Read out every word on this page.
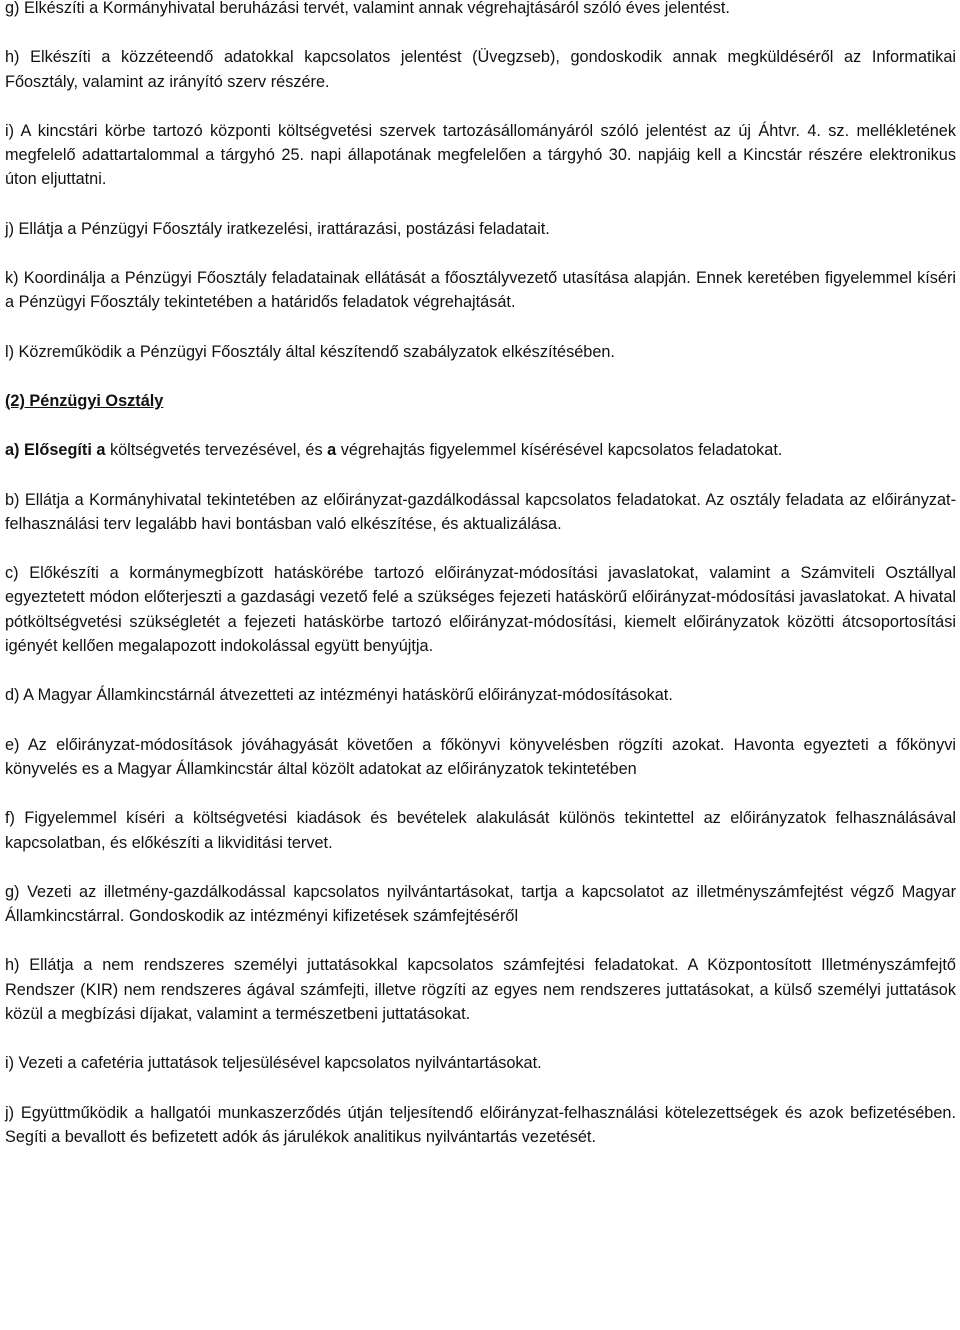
g) Elkészíti a Kormányhivatal beruházási tervét, valamint annak végrehajtásáról szóló éves jelentést.

h) Elkészíti a közzéteendő adatokkal kapcsolatos jelentést (Üvegzseb), gondoskodik annak megküldéséről az Informatikai Főosztály, valamint az irányító szerv részére.

i) A kincstári körbe tartozó központi költségvetési szervek tartozásállományáról szóló jelentést az új Áhtvr. 4. sz. mellékletének megfelelő adattartalommal a tárgyhó 25. napi állapotának megfelelően a tárgyhó 30. napjáig kell a Kincstár részére elektronikus úton eljuttatni.

j) Ellátja a Pénzügyi Főosztály iratkezelési, irattárazási, postázási feladatait.

k) Koordinálja a Pénzügyi Főosztály feladatainak ellátását a főosztályvezető utasítása alapján. Ennek keretében figyelemmel kíséri a Pénzügyi Főosztály tekintetében a határidős feladatok végrehajtását.

l) Közreműködik a Pénzügyi Főosztály által készítendő szabályzatok elkészítésében.

(2) Pénzügyi Osztály

a) Elősegíti a költségvetés tervezésével, és a végrehajtás figyelemmel kísérésével kapcsolatos feladatokat.

b) Ellátja a Kormányhivatal tekintetében az előirányzat-gazdálkodással kapcsolatos feladatokat. Az osztály feladata az előirányzat-felhasználási terv legalább havi bontásban való elkészítése, és aktualizálása.

c) Előkészíti a kormánymegbízott hatáskörébe tartozó előirányzat-módosítási javaslatokat, valamint a Számviteli Osztállyal egyeztetett módon előterjeszti a gazdasági vezető felé a szükséges fejezeti hatáskörű előirányzat-módosítási javaslatokat. A hivatal pótköltségvetési szükségletét a fejezeti hatáskörbe tartozó előirányzat-módosítási, kiemelt előirányzatok közötti átcsoportosítási igényét kellően megalapozott indokolással együtt benyújtja.

d) A Magyar Államkincstárnál átvezetteti az intézményi hatáskörű előirányzat-módosításokat.

e) Az előirányzat-módosítások jóváhagyását követően a főkönyvi könyvelésben rögzíti azokat. Havonta egyezteti a főkönyvi könyvelés es a Magyar Államkincstár által közölt adatokat az előirányzatok tekintetében

f) Figyelemmel kíséri a költségvetési kiadások és bevételek alakulását különös tekintettel az előirányzatok felhasználásával kapcsolatban, és előkészíti a likviditási tervet.

g) Vezeti az illetmény-gazdálkodással kapcsolatos nyilvántartásokat, tartja a kapcsolatot az illetményszámfejtést végző Magyar Államkincstárral. Gondoskodik az intézményi kifizetések számfejtéséről

h) Ellátja a nem rendszeres személyi juttatásokkal kapcsolatos számfejtési feladatokat. A Központosított Illetményszámfejtő Rendszer (KIR) nem rendszeres ágával számfejti, illetve rögzíti az egyes nem rendszeres juttatásokat, a külső személyi juttatások közül a megbízási díjakat, valamint a természetbeni juttatásokat.

i) Vezeti a cafetéria juttatások teljesülésével kapcsolatos nyilvántartásokat.

j) Együttműködik a hallgatói munkaszerződés útján teljesítendő előirányzat-felhasználási kötelezettségek és azok befizetésében. Segíti a bevallott és befizetett adók ás járulékok analitikus nyilvántartás vezetését.
